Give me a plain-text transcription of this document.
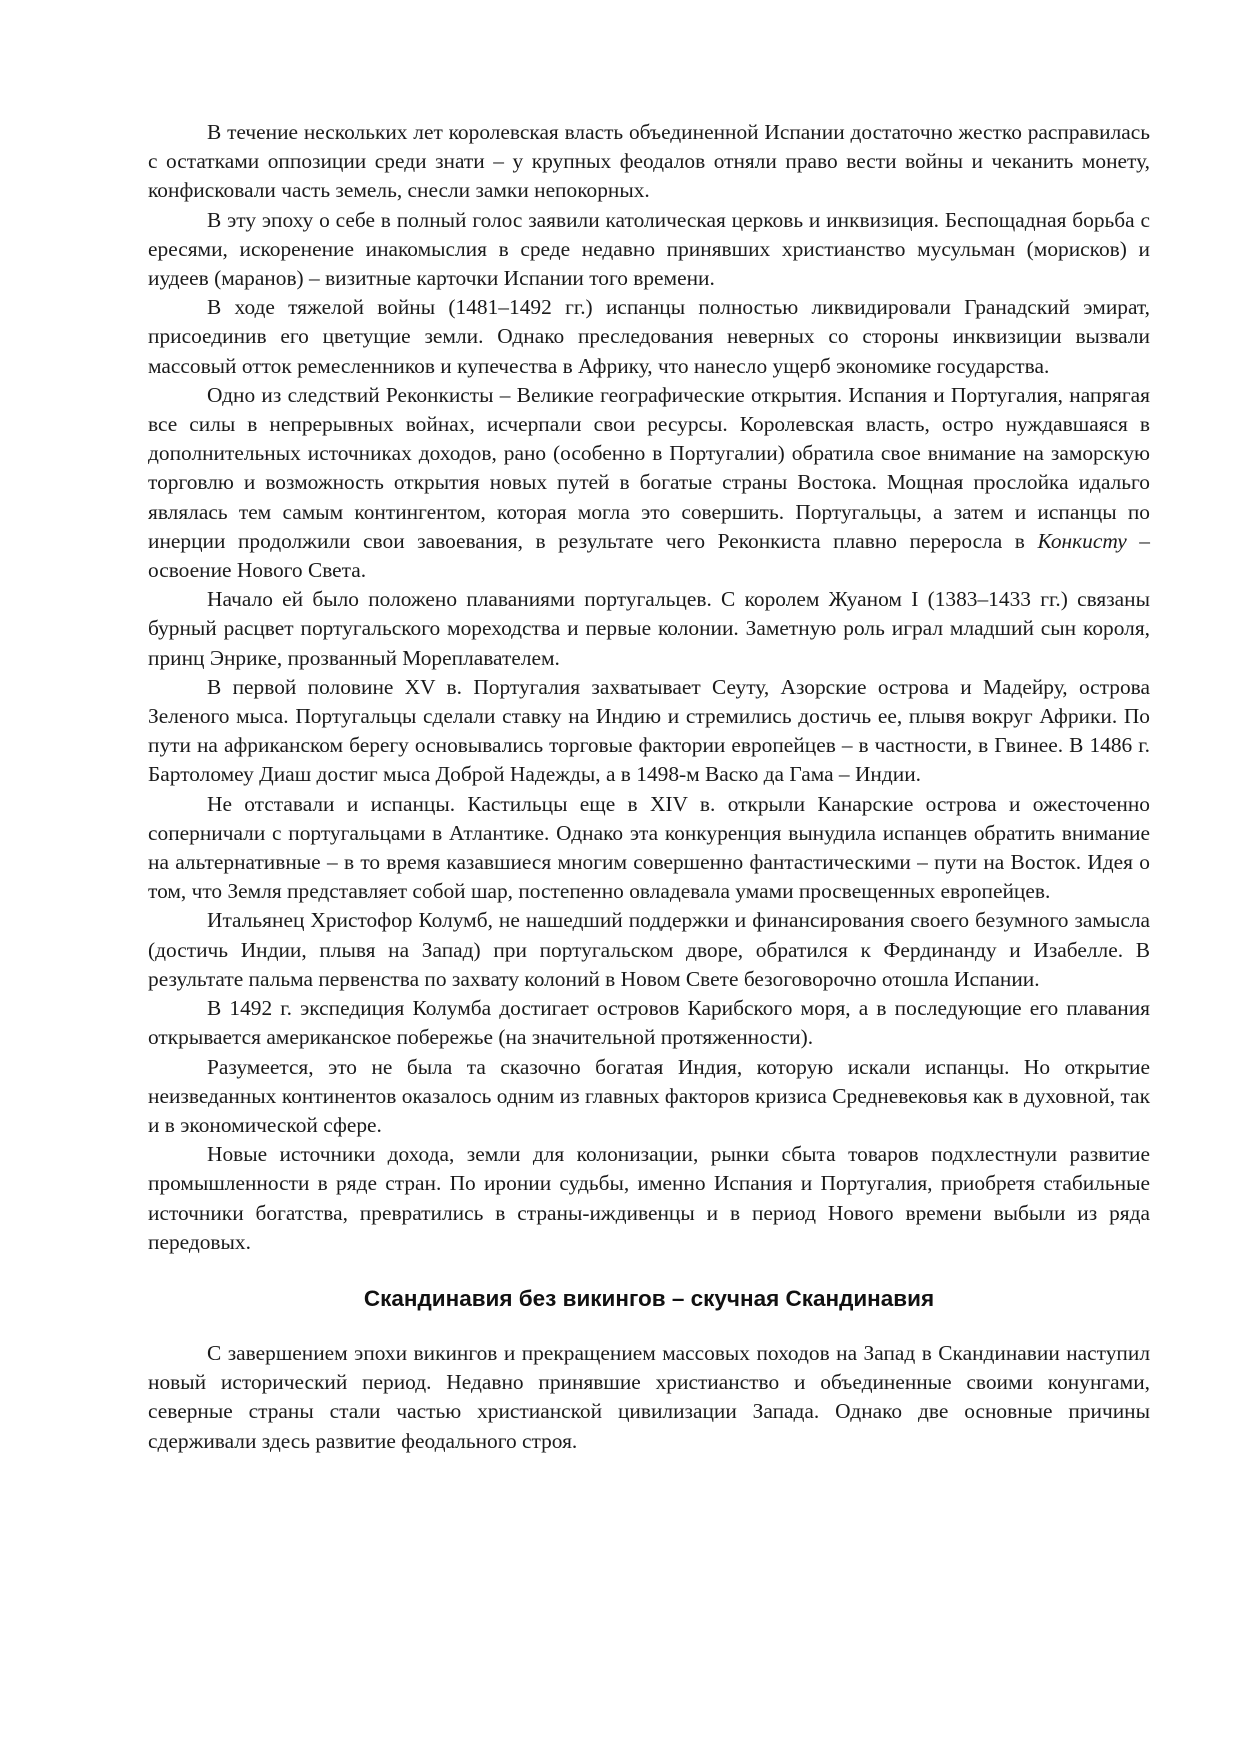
В течение нескольких лет королевская власть объединенной Испании достаточно жестко расправилась с остатками оппозиции среди знати – у крупных феодалов отняли право вести войны и чеканить монету, конфисковали часть земель, снесли замки непокорных.

В эту эпоху о себе в полный голос заявили католическая церковь и инквизиция. Беспощадная борьба с ересями, искоренение инакомыслия в среде недавно принявших христианство мусульман (морисков) и иудеев (маранов) – визитные карточки Испании того времени.

В ходе тяжелой войны (1481–1492 гг.) испанцы полностью ликвидировали Гранадский эмират, присоединив его цветущие земли. Однако преследования неверных со стороны инквизиции вызвали массовый отток ремесленников и купечества в Африку, что нанесло ущерб экономике государства.

Одно из следствий Реконкисты – Великие географические открытия. Испания и Португалия, напрягая все силы в непрерывных войнах, исчерпали свои ресурсы. Королевская власть, остро нуждавшаяся в дополнительных источниках доходов, рано (особенно в Португалии) обратила свое внимание на заморскую торговлю и возможность открытия новых путей в богатые страны Востока. Мощная прослойка идальго являлась тем самым контингентом, которая могла это совершить. Португальцы, а затем и испанцы по инерции продолжили свои завоевания, в результате чего Реконкиста плавно переросла в Конкисту – освоение Нового Света.

Начало ей было положено плаваниями португальцев. С королем Жуаном I (1383–1433 гг.) связаны бурный расцвет португальского мореходства и первые колонии. Заметную роль играл младший сын короля, принц Энрике, прозванный Мореплавателем.

В первой половине XV в. Португалия захватывает Сеуту, Азорские острова и Мадейру, острова Зеленого мыса. Португальцы сделали ставку на Индию и стремились достичь ее, плывя вокруг Африки. По пути на африканском берегу основывались торговые фактории европейцев – в частности, в Гвинее. В 1486 г. Бартоломеу Диаш достиг мыса Доброй Надежды, а в 1498-м Васко да Гама – Индии.

Не отставали и испанцы. Кастильцы еще в XIV в. открыли Канарские острова и ожесточенно соперничали с португальцами в Атлантике. Однако эта конкуренция вынудила испанцев обратить внимание на альтернативные – в то время казавшиеся многим совершенно фантастическими – пути на Восток. Идея о том, что Земля представляет собой шар, постепенно овладевала умами просвещенных европейцев.

Итальянец Христофор Колумб, не нашедший поддержки и финансирования своего безумного замысла (достичь Индии, плывя на Запад) при португальском дворе, обратился к Фердинанду и Изабелле. В результате пальма первенства по захвату колоний в Новом Свете безоговорочно отошла Испании.

В 1492 г. экспедиция Колумба достигает островов Карибского моря, а в последующие его плавания открывается американское побережье (на значительной протяженности).

Разумеется, это не была та сказочно богатая Индия, которую искали испанцы. Но открытие неизведанных континентов оказалось одним из главных факторов кризиса Средневековья как в духовной, так и в экономической сфере.

Новые источники дохода, земли для колонизации, рынки сбыта товаров подхлестнули развитие промышленности в ряде стран. По иронии судьбы, именно Испания и Португалия, приобретя стабильные источники богатства, превратились в страны-иждивенцы и в период Нового времени выбыли из ряда передовых.

Скандинавия без викингов – скучная Скандинавия

С завершением эпохи викингов и прекращением массовых походов на Запад в Скандинавии наступил новый исторический период. Недавно принявшие христианство и объединенные своими конунгами, северные страны стали частью христианской цивилизации Запада. Однако две основные причины сдерживали здесь развитие феодального строя.
